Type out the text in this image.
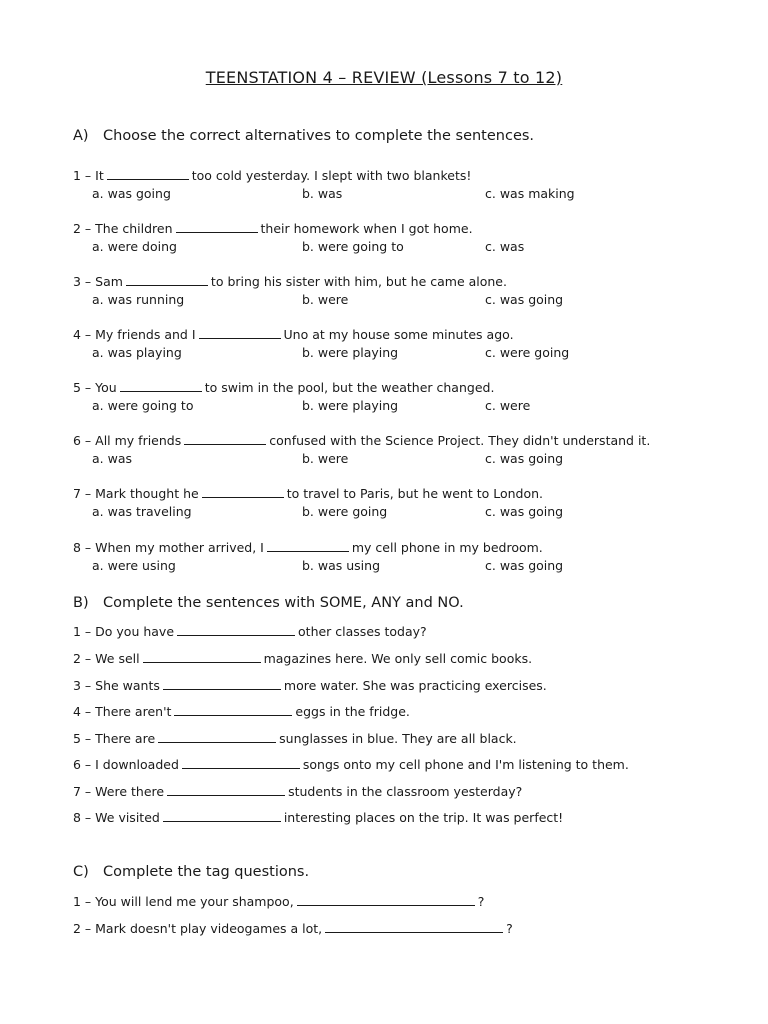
TEENSTATION 4 – REVIEW (Lessons 7 to 12)
A) Choose the correct alternatives to complete the sentences.
1 – It	too cold yesterday. I slept with two blankets!
a. was going	b. was	c. was making
2 – The children	their homework when I got home.
a. were doing	b. were going to	c. was
3 – Sam	to bring his sister with him, but he came alone.
a. was running	b. were	c. was going
4 – My friends and I	Uno at my house some minutes ago.
a. was playing	b. were playing	c. were going
5 – You	to swim in the pool, but the weather changed.
a. were going to	b. were playing	c. were
6 – All my friends	confused with the Science Project. They didn't understand it.
a. was	b. were	c. was going
7 – Mark thought he	to travel to Paris, but he went to London.
a. was traveling	b. were going	c. was going
8 – When my mother arrived, I	my cell phone in my bedroom.
a. were using	b. was using	c. was going
B) Complete the sentences with SOME, ANY and NO.
1 – Do you have	other classes today?
2 – We sell	magazines here. We only sell comic books.
3 – She wants	more water. She was practicing exercises.
4 – There aren't	eggs in the fridge.
5 – There are	sunglasses in blue. They are all black.
6 – I downloaded	songs onto my cell phone and I'm listening to them.
7 – Were there	students in the classroom yesterday?
8 – We visited	interesting places on the trip. It was perfect!
C) Complete the tag questions.
1 – You will lend me your shampoo,	?
2 – Mark doesn't play videogames a lot,	?
